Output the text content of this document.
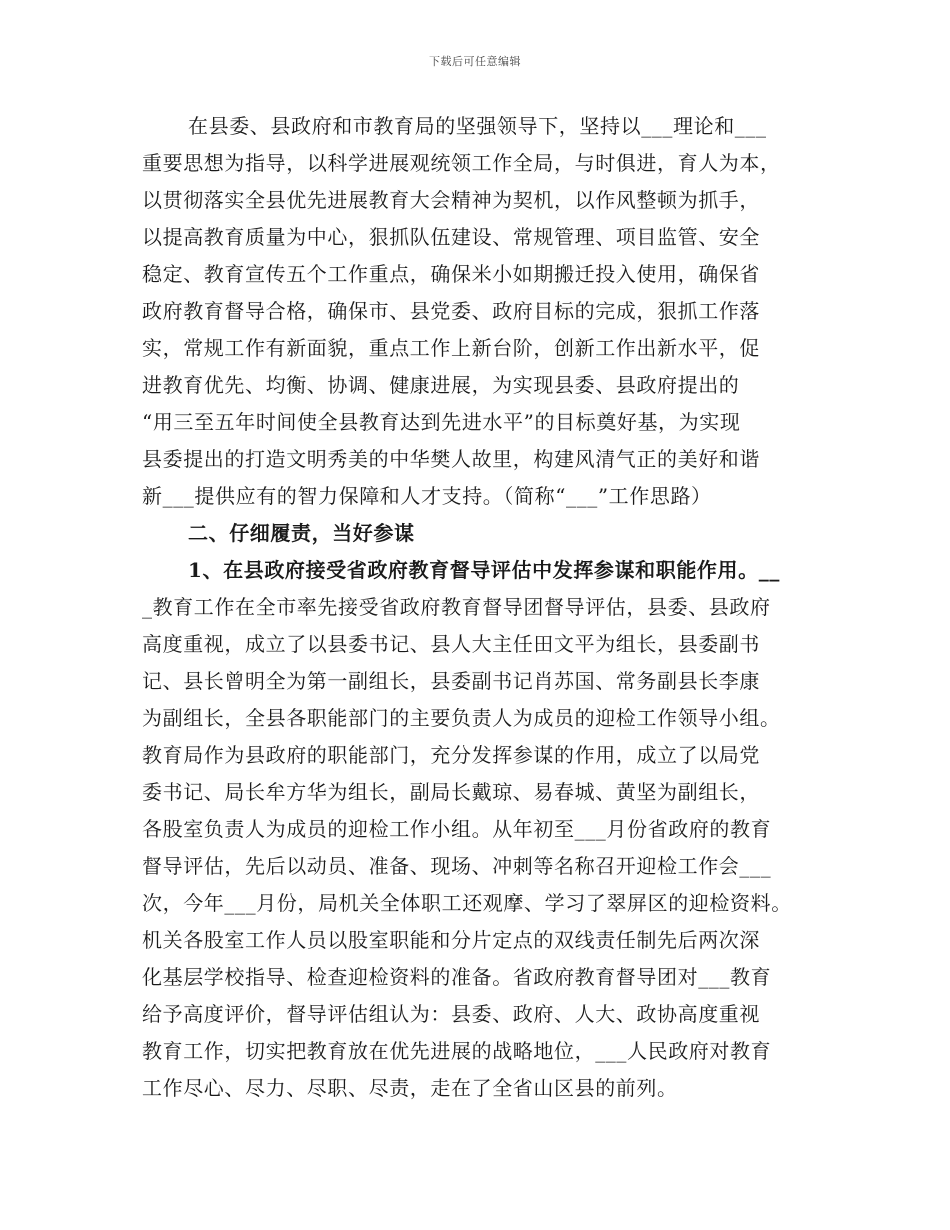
下载后可任意编辑
在县委、县政府和市教育局的坚强领导下，坚持以___理论和___
重要思想为指导，以科学进展观统领工作全局，与时俱进，育人为本，
以贯彻落实全县优先进展教育大会精神为契机，以作风整顿为抓手，
以提高教育质量为中心，狠抓队伍建设、常规管理、项目监管、安全
稳定、教育宣传五个工作重点，确保米小如期搬迁投入使用，确保省
政府教育督导合格，确保市、县党委、政府目标的完成，狠抓工作落
实，常规工作有新面貌，重点工作上新台阶，创新工作出新水平，促
进教育优先、均衡、协调、健康进展，为实现县委、县政府提出的
“用三至五年时间使全县教育达到先进水平”的目标奠好基，为实现
县委提出的打造文明秀美的中华樊人故里，构建风清气正的美好和谐
新___提供应有的智力保障和人才支持。（简称“___”工作思路）
二、仔细履责，当好参谋
1、在县政府接受省政府教育督导评估中发挥参谋和职能作用。__
_教育工作在全市率先接受省政府教育督导团督导评估，县委、县政府
高度重视，成立了以县委书记、县人大主任田文平为组长，县委副书
记、县长曾明全为第一副组长，县委副书记肖苏国、常务副县长李康
为副组长，全县各职能部门的主要负责人为成员的迎检工作领导小组。
教育局作为县政府的职能部门，充分发挥参谋的作用，成立了以局党
委书记、局长牟方华为组长，副局长戴琼、易春城、黄坚为副组长，
各股室负责人为成员的迎检工作小组。从年初至___月份省政府的教育
督导评估，先后以动员、准备、现场、冲刺等名称召开迎检工作会___
次，今年___月份，局机关全体职工还观摩、学习了翠屏区的迎检资料。
机关各股室工作人员以股室职能和分片定点的双线责任制先后两次深
化基层学校指导、检查迎检资料的准备。省政府教育督导团对___教育
给予高度评价，督导评估组认为：县委、政府、人大、政协高度重视
教育工作，切实把教育放在优先进展的战略地位，___人民政府对教育
工作尽心、尽力、尽职、尽责，走在了全省山区县的前列。
